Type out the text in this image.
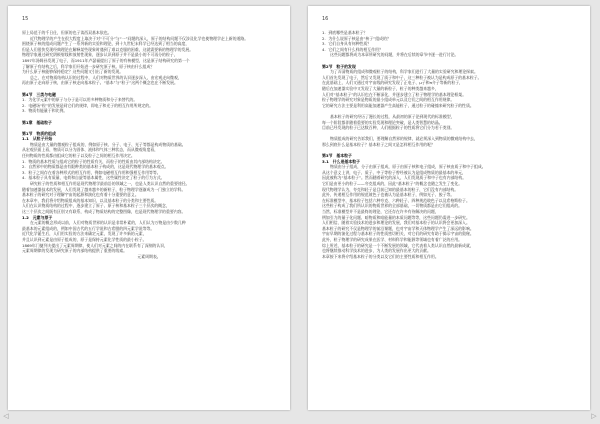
15
原上局范于的千日仕，但原的也子读西双基本依也。
近代物理学的产生在很大程度上取决于对“不可分”与“一”问题的深入，原子的结构问题不仅涉及化学也使物理学走上新的道路。
围绕原子核的组成问题产生了一系列新的实验和理论，到十九世纪末科学已经达到了相当的高度，
但是人们很快发现经典理论在解释某些现象时遇到了难以克服的困难，这就需要新的物理学的发展。
物理学家通过研究阴极射线和放射性现象，逐步认识到原子并不是最小的不可再分的粒子，
1897年汤姆孙发现了电子，而1911年卢瑟福提出了原子的有核模型，这是原子结构研究的第一个
了解原子有结构之后，科学家们开始进一步研究原子核。原子核由什么组成？
为什么原子核能够保持稳定？这些问题又引出了新的发现。
总之，在对物质结构认识的过程中，人们对物质世界的认识逐步深入，由宏观走向微观，
再由原子走向原子核，由原子核走向基本粒子。“基本”与“粒子”这两个概念也在不断发展。
第4节　三类与电磁
1．为化学元素中的原子与分子是可以用多种物质和分子来替代的。
2．电磁场“粒”的发展是同它们的规律，即电子和光子的相互作用所规定的。
3．物质有能量于和比例。
第1章　基础粒子
第1节　物质的组成
1.1　从粒子开始
物质是由大量的微观粒子组成的，例如原子核、分子、电子、光子等都是构成物质的基础。
从宏观层面上看，物质可以分为固体、液体和气体三种状态，而从微观角度看，
任何物质的性质都由组成它的粒子以及粒子之间的相互作用决定。
1．物质的基本性质与组成它的粒子的性质有关，而粒子的性质由其内部结构决定。
2．自然界中的物质都是由有限种类的基本粒子构成的，这是现代物理学的基本观点。
3．粒子之间存在着各种形式的相互作用，例如电磁相互作用和强相互作用等等。
4．基本粒子具有质量、电荷和自旋等基本属性，这些属性决定了粒子的行为方式。
研究粒子的性质和相互作用是现代物理学最前沿的领域之一，也是人类认识自然的重要途径。
随着加速器技术的发展，人们发现了越来越多的新粒子，粒子物理学逐渐成为一门独立的学科。
基本粒子的研究对于理解宇宙的起源和演化也有着十分重要的意义。
在本章中，我们将介绍物质组成的基本知识，以及基本粒子的分类和主要性质。
人们在认识物质结构的过程中，逐步建立了原子、原子核和基本粒子三个层次的概念，
这三个层次之间既有区别又有联系，构成了物质结构的完整图像，也是现代物理学的重要内容。
1.2　元素与原子
在元素的概念形成以前，人们对物质世界的认识是非常朴素的，人们认为万物是由少数几种
最基本的元素组成的，例如中国古代的五行学说和古希腊的四元素学说等等。
近代化学诞生后，人们用实验的方法来确定元素，发现了许多新的元素，
并且认识到元素是由原子组成的，原子是保持元素化学性质的最小粒子。
1869年门捷列夫提出了元素周期律，使人们对元素之间的内在联系有了深刻的认识，
元素周期律的发现为研究原子的内部结构提供了重要的线索。
元素周期表。
16
1．到底哪些是基本粒子？
2．为什么说原子核是由“核子”组成的？
3．它们自身具有何种性质？
4．它们之间有什么样的相互作用？
这些问题都将成为本章所研究的问题，并将在后续的章节中逐一进行讨论。
第2节　粒子的发现
为了弄清物质的组成和微观粒子的结构，科学家们进行了大量的实验研究和理论探索。
人们首先发现了电子，然后又发现了质子和中子，这三种粒子被认为是构成原子的基本粒子。
在此基础上，人们又通过对宇宙线的研究发现了正电子、μ子和π介子等新的粒子，
随后在加速器实验中又发现了大量的新粒子，粒子的种类越来越多，
人们对“基本粒子”的认识也在不断深化，并逐步建立了粒子物理学的基本理论框架。
粒子物理学的研究对象是物质的最小组成单元以及它们之间的相互作用规律。
它的研究方法主要是利用高能加速器产生高能粒子，通过粒子的碰撞来研究粒子的性质。
基本粒子的研究经历了漫长的过程，从最初的原子论到现代的标准模型，
每一个阶段都伴随着重要的实验发现和理论突破，是人类智慧的结晶。
目前已经发现的粒子已达数百种，人们根据粒子的性质将它们分为若干类别。
物质组成的研究告诉我们，要理解自然界的规律，就必须深入到物质的微观结构中去，
那么到底什么是基本粒子？基本粒子之间又是怎样相互作用的呢？
第3节　基本粒子
3.1　什么是基本粒子
物质由分子组成，分子由原子组成，原子由原子核和电子组成，原子核由质子和中子组成。
从这个意义上讲，电子、质子、中子等粒子曾经被认为是组成物质的最基本的单元，
因此被称为“基本粒子”。然而随着研究的深入，人们发现质子和中子也有内部结构。
它们是由更小的粒子——夸克组成的，因此“基本粒子”的概念也随之发生了变化。
现代物理学认为，夸克和轻子是目前已知的最基本的粒子，它们没有内部结构。
此外，传递相互作用的规范玻色子也被认为是基本粒子，例如光子、胶子等。
在标准模型中，基本粒子包括六种夸克、六种轻子、四种规范玻色子以及希格斯粒子。
这些粒子构成了我们所认识的物质世界的全部基础，一切物质都是由它们组成的。
当然，标准模型并不是最终的理论，它还存在许多有待解决的问题，
例如引力的量子化问题、暗物质和暗能量的本质问题等等，这些问题仍需进一步研究。
人们相信，随着实验技术的进步和理论的发展，我们对基本粒子的认识将会更加深入。
基本粒子的研究不仅是物理学的前沿课题，也对宇宙学和天体物理学产生了深远的影响。
宇宙早期的演化过程与基本粒子的性质密切相关，对它们的研究有助于揭示宇宙的奥秘。
此外，粒子物理学的研究成果在医学、材料科学和能源等领域也有着广泛的应用。
综上所述，基本粒子的研究是一个不断发展的领域，它代表着人类认识自然的最新成就，
也将继续推动科学技术的进步，为人类的发展作出更大的贡献。
本章接下来将介绍基本粒子的分类以及它们的主要性质和相互作用。
◁	▷
